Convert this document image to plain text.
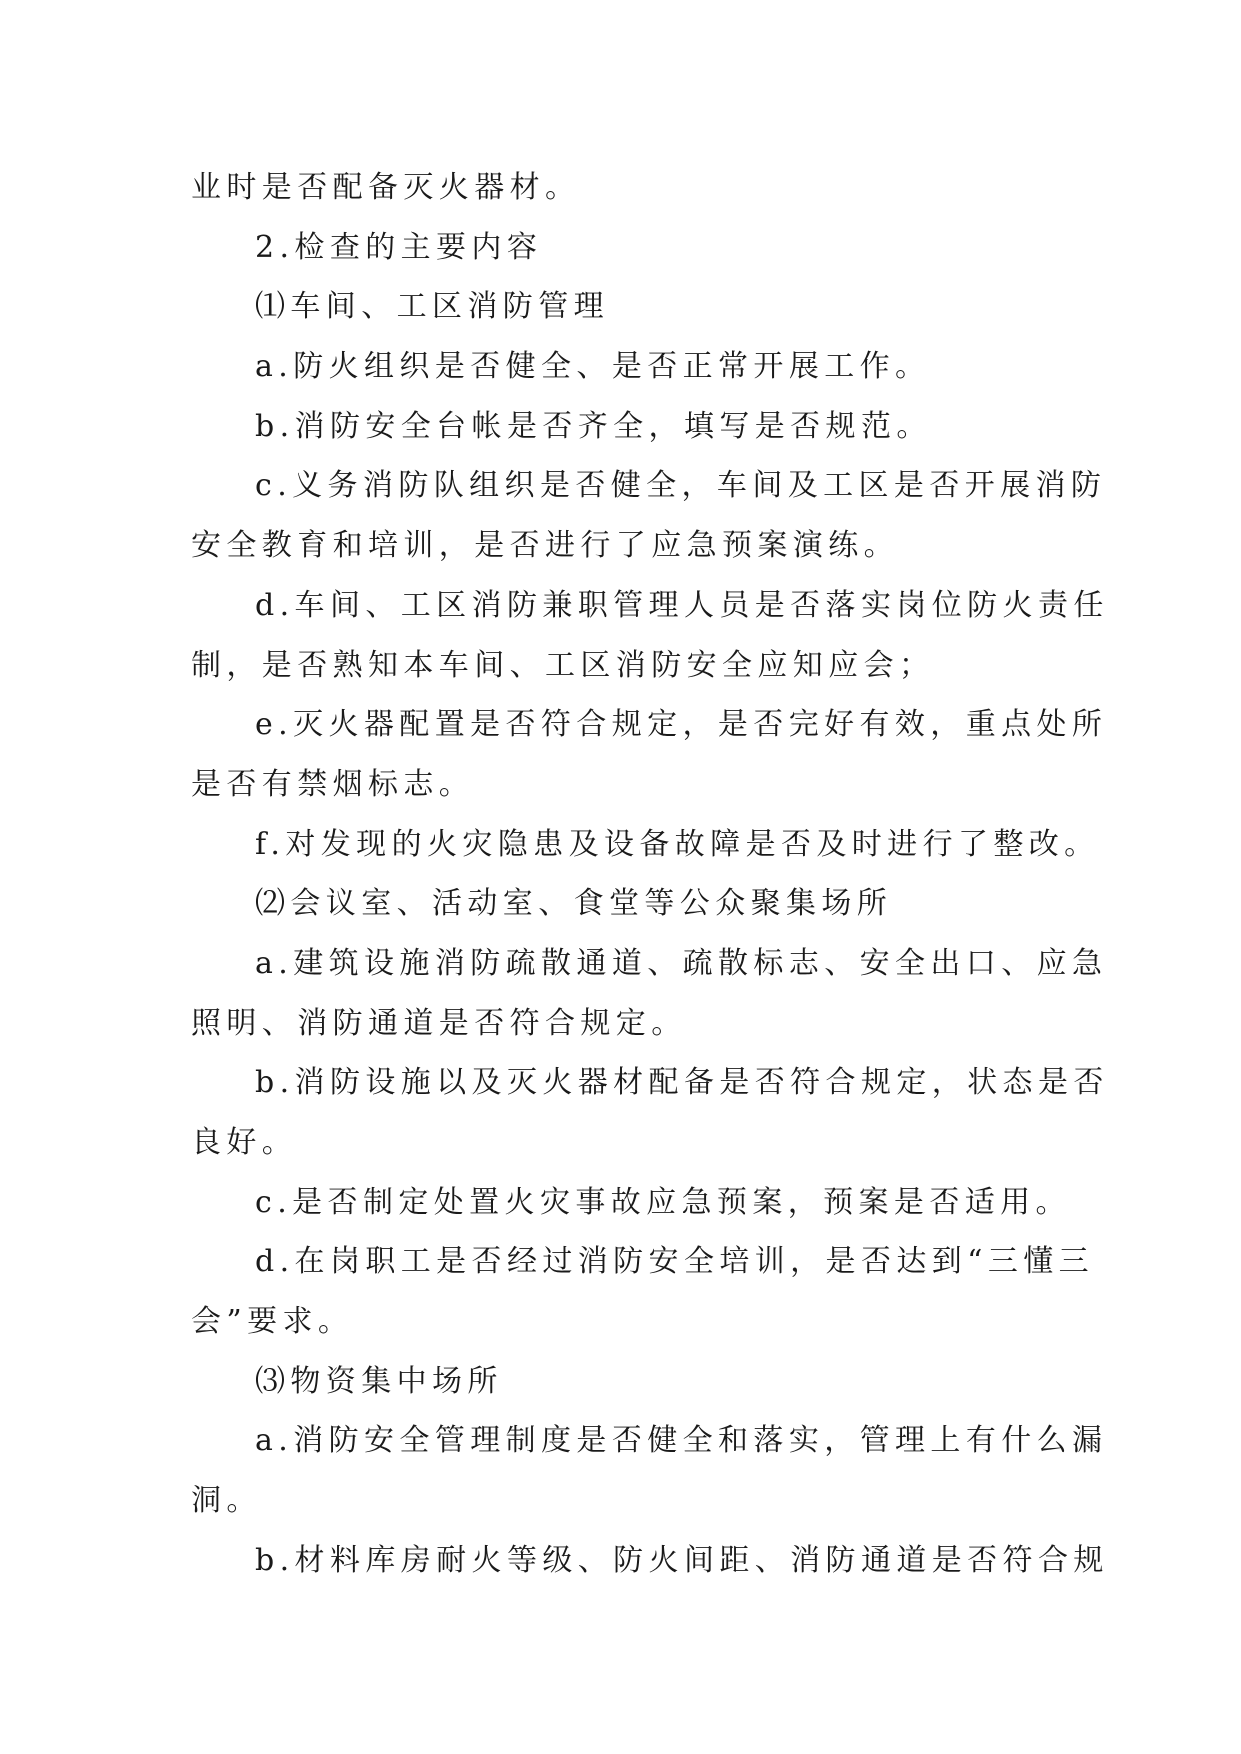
业时是否配备灭火器材。
2.检查的主要内容
⑴车间、工区消防管理
a.防火组织是否健全、是否正常开展工作。
b.消防安全台帐是否齐全，填写是否规范。
c.义务消防队组织是否健全，车间及工区是否开展消防
安全教育和培训，是否进行了应急预案演练。
d.车间、工区消防兼职管理人员是否落实岗位防火责任
制，是否熟知本车间、工区消防安全应知应会；
e.灭火器配置是否符合规定，是否完好有效，重点处所
是否有禁烟标志。
f.对发现的火灾隐患及设备故障是否及时进行了整改。
⑵会议室、活动室、食堂等公众聚集场所
a.建筑设施消防疏散通道、疏散标志、安全出口、应急
照明、消防通道是否符合规定。
b.消防设施以及灭火器材配备是否符合规定，状态是否
良好。
c.是否制定处置火灾事故应急预案，预案是否适用。
d.在岗职工是否经过消防安全培训，是否达到“三懂三
会”要求。
⑶物资集中场所
a.消防安全管理制度是否健全和落实，管理上有什么漏
洞。
b.材料库房耐火等级、防火间距、消防通道是否符合规
